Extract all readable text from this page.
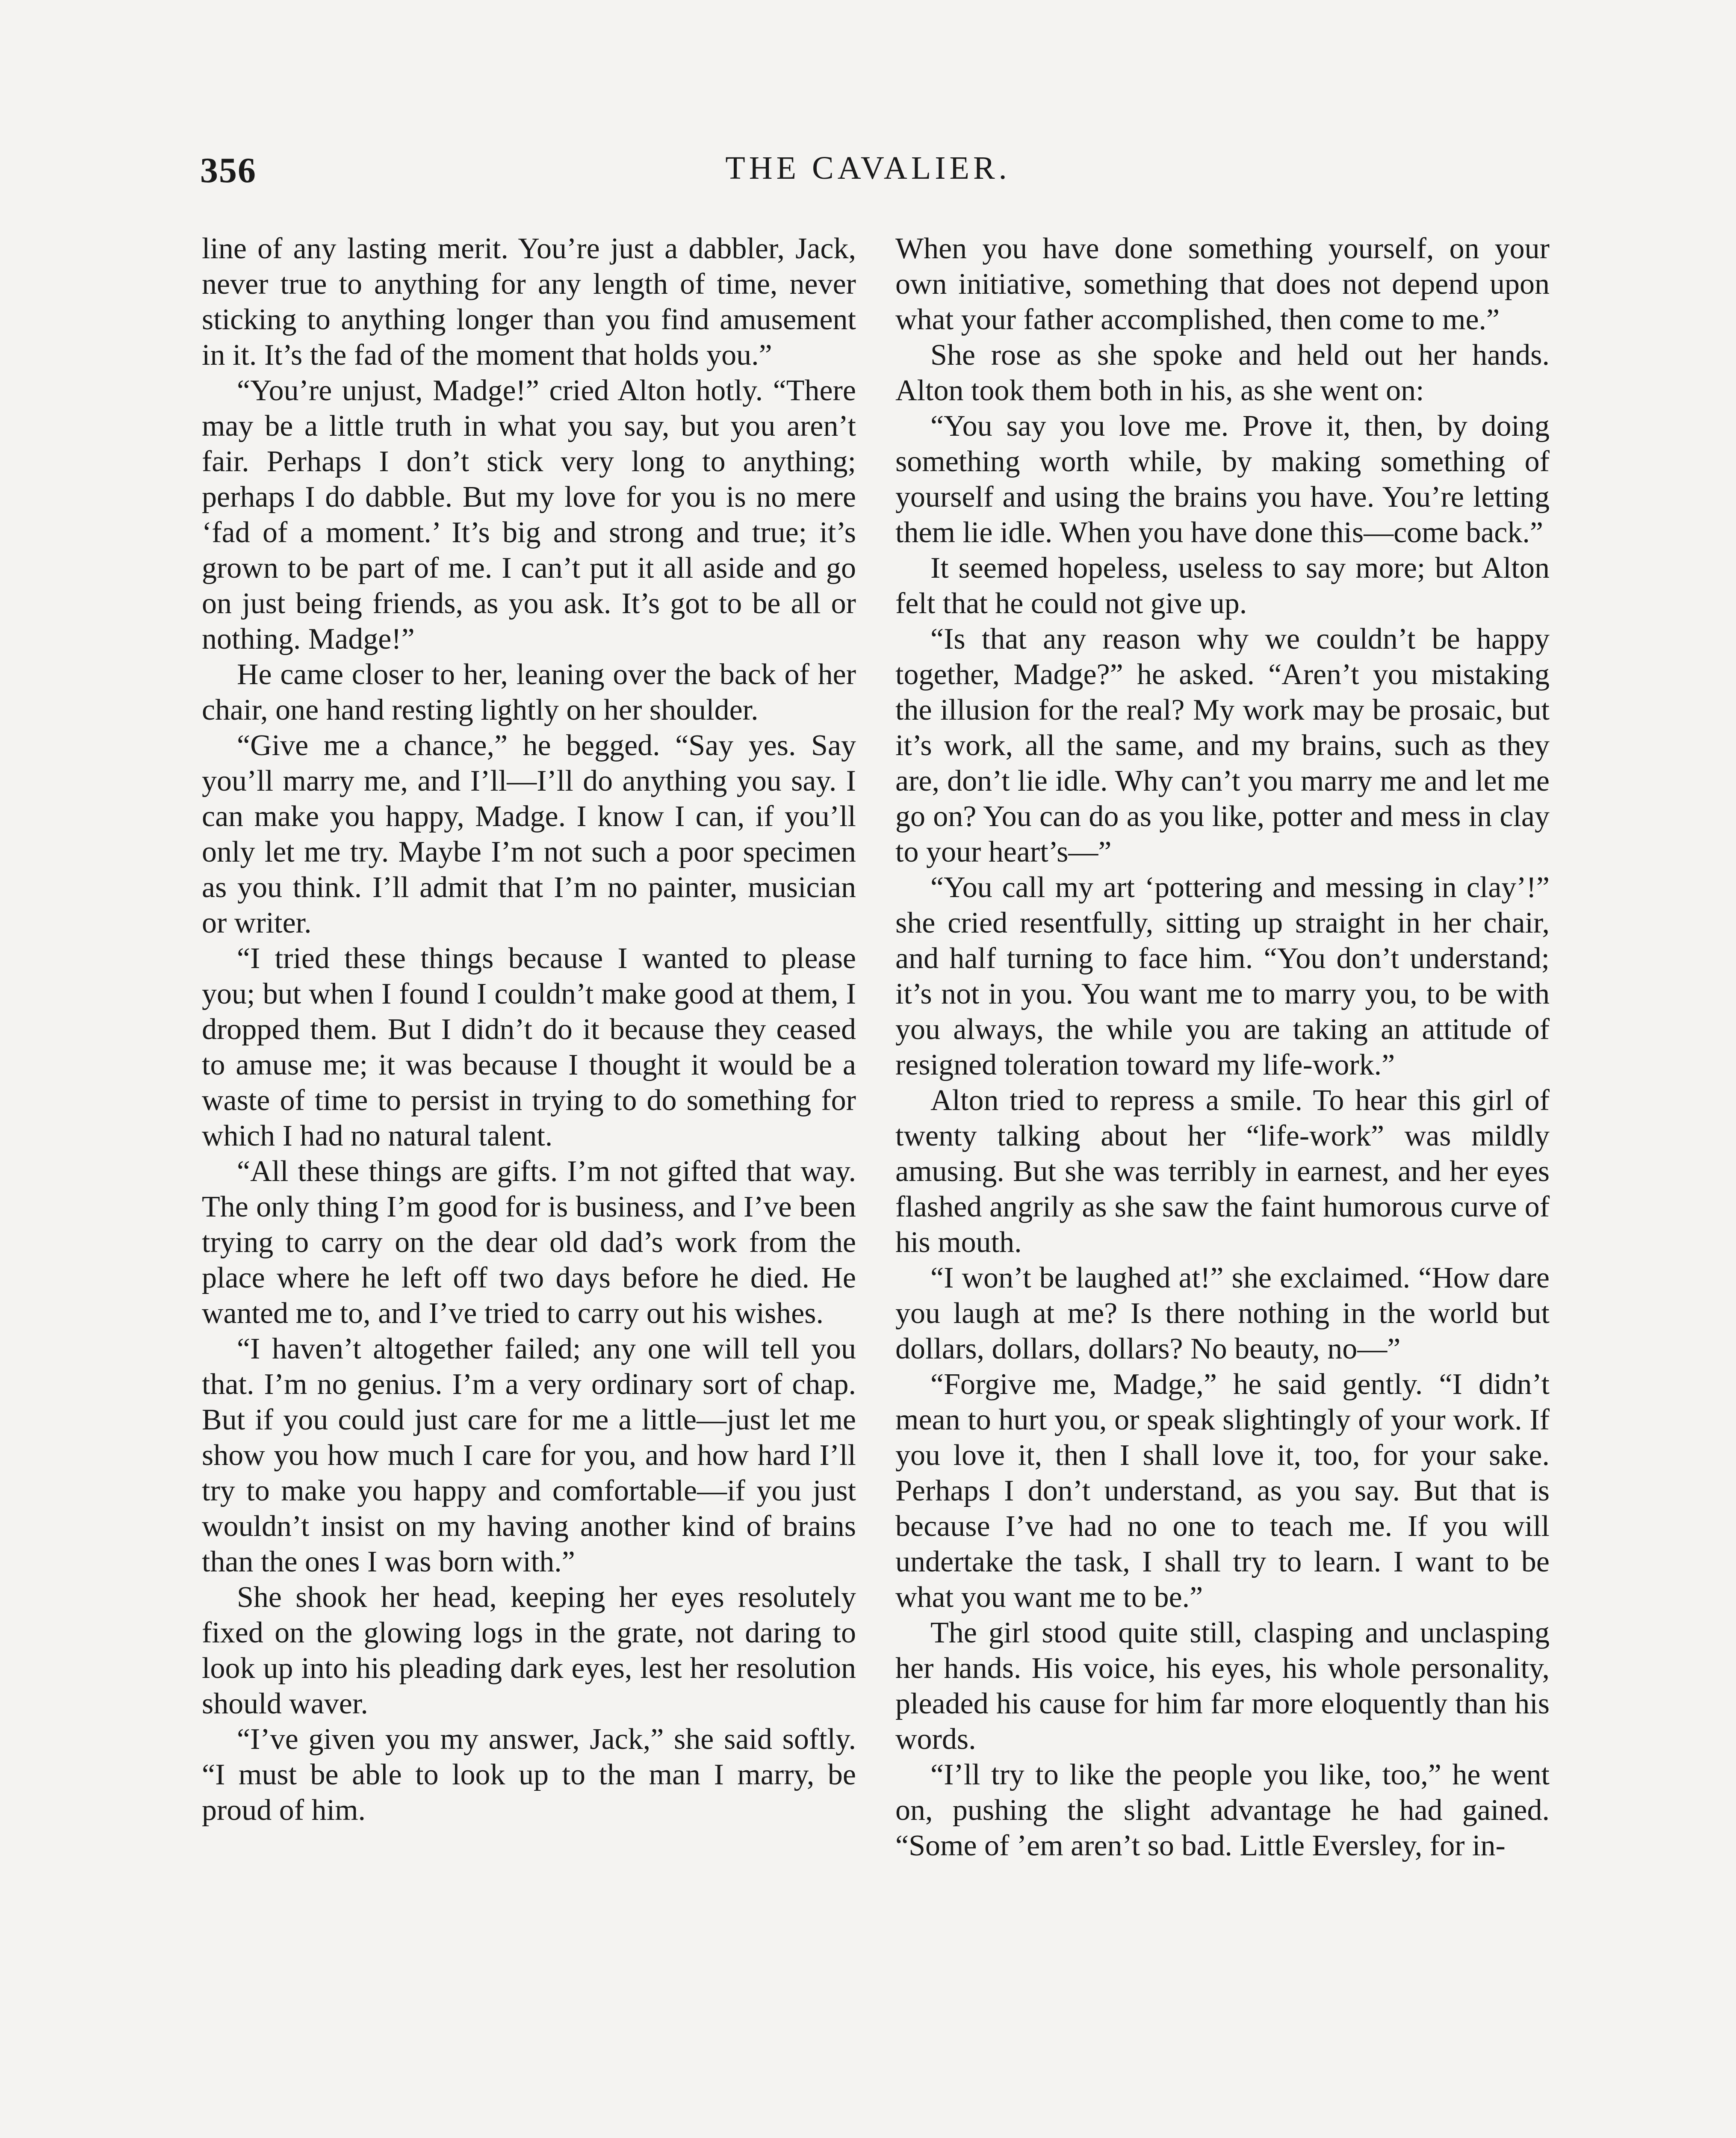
356	THE CAVALIER.

line of any lasting merit. You’re just a dabbler, Jack, never true to anything for any length of time, never sticking to anything longer than you find amusement in it. It’s the fad of the moment that holds you.”

“You’re unjust, Madge!” cried Alton hotly. “There may be a little truth in what you say, but you aren’t fair. Perhaps I don’t stick very long to anything; perhaps I do dabble. But my love for you is no mere ‘fad of a moment.’ It’s big and strong and true; it’s grown to be part of me. I can’t put it all aside and go on just being friends, as you ask. It’s got to be all or nothing. Madge!”

He came closer to her, leaning over the back of her chair, one hand resting lightly on her shoulder.

“Give me a chance,” he begged. “Say yes. Say you’ll marry me, and I’ll—I’ll do anything you say. I can make you happy, Madge. I know I can, if you’ll only let me try. Maybe I’m not such a poor specimen as you think. I’ll admit that I’m no painter, musician or writer.

“I tried these things because I wanted to please you; but when I found I couldn’t make good at them, I dropped them. But I didn’t do it because they ceased to amuse me; it was because I thought it would be a waste of time to persist in trying to do something for which I had no natural talent.

“All these things are gifts. I’m not gifted that way. The only thing I’m good for is business, and I’ve been trying to carry on the dear old dad’s work from the place where he left off two days before he died. He wanted me to, and I’ve tried to carry out his wishes.

“I haven’t altogether failed; any one will tell you that. I’m no genius. I’m a very ordinary sort of chap. But if you could just care for me a little—just let me show you how much I care for you, and how hard I’ll try to make you happy and comfortable—if you just wouldn’t insist on my having another kind of brains than the ones I was born with.”

She shook her head, keeping her eyes resolutely fixed on the glowing logs in the grate, not daring to look up into his pleading dark eyes, lest her resolution should waver.

“I’ve given you my answer, Jack,” she said softly. “I must be able to look up to the man I marry, be proud of him.

When you have done something yourself, on your own initiative, something that does not depend upon what your father accomplished, then come to me.”

She rose as she spoke and held out her hands. Alton took them both in his, as she went on:

“You say you love me. Prove it, then, by doing something worth while, by making something of yourself and using the brains you have. You’re letting them lie idle. When you have done this—come back.”

It seemed hopeless, useless to say more; but Alton felt that he could not give up.

“Is that any reason why we couldn’t be happy together, Madge?” he asked. “Aren’t you mistaking the illusion for the real? My work may be prosaic, but it’s work, all the same, and my brains, such as they are, don’t lie idle. Why can’t you marry me and let me go on? You can do as you like, potter and mess in clay to your heart’s—”

“You call my art ‘pottering and messing in clay’!” she cried resentfully, sitting up straight in her chair, and half turning to face him. “You don’t understand; it’s not in you. You want me to marry you, to be with you always, the while you are taking an attitude of resigned toleration toward my life-work.”

Alton tried to repress a smile. To hear this girl of twenty talking about her “life-work” was mildly amusing. But she was terribly in earnest, and her eyes flashed angrily as she saw the faint humorous curve of his mouth.

“I won’t be laughed at!” she exclaimed. “How dare you laugh at me? Is there nothing in the world but dollars, dollars, dollars? No beauty, no—”

“Forgive me, Madge,” he said gently. “I didn’t mean to hurt you, or speak slightingly of your work. If you love it, then I shall love it, too, for your sake. Perhaps I don’t understand, as you say. But that is because I’ve had no one to teach me. If you will undertake the task, I shall try to learn. I want to be what you want me to be.”

The girl stood quite still, clasping and unclasping her hands. His voice, his eyes, his whole personality, pleaded his cause for him far more eloquently than his words.

“I’ll try to like the people you like, too,” he went on, pushing the slight advantage he had gained. “Some of ’em aren’t so bad. Little Eversley, for in-
